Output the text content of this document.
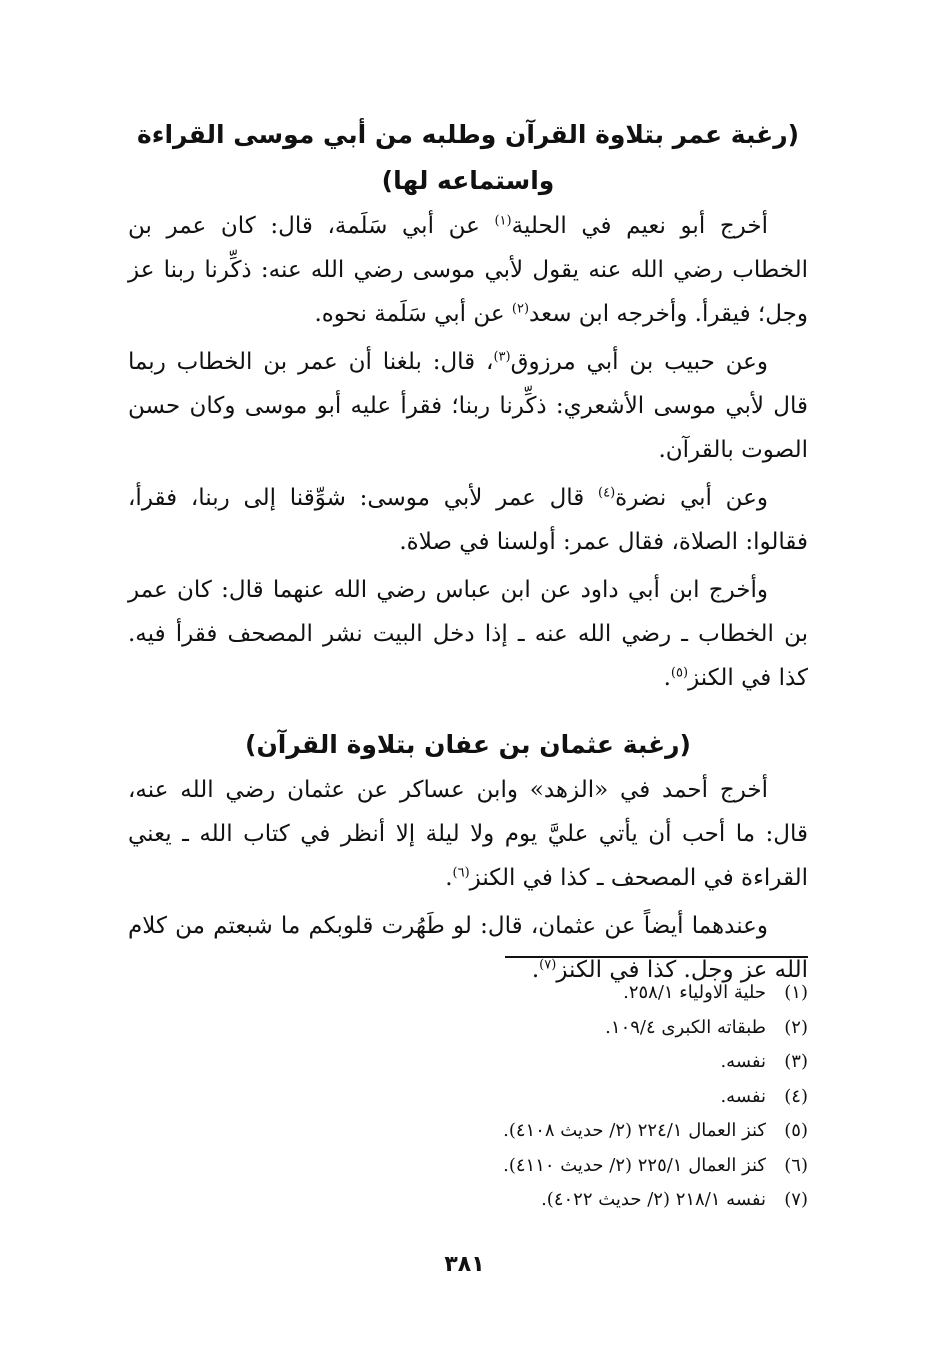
(رغبة عمر بتلاوة القرآن وطلبه من أبي موسى القراءة واستماعه لها)

أخرج أبو نعيم في الحلية$^{(١)}$ عن أبي سَلَمة، قال: كان عمر بن الخطاب رضي الله عنه يقول لأبي موسى رضي الله عنه: ذكِّرنا ربنا عز وجل؛ فيقرأ. وأخرجه ابن سعد$^{(٢)}$ عن أبي سَلَمة نحوه.

وعن حبيب بن أبي مرزوق$^{(٣)}$، قال: بلغنا أن عمر بن الخطاب ربما قال لأبي موسى الأشعري: ذكِّرنا ربنا؛ فقرأ عليه أبو موسى وكان حسن الصوت بالقرآن.

وعن أبي نضرة$^{(٤)}$ قال عمر لأبي موسى: شوِّقنا إلى ربنا، فقرأ، فقالوا: الصلاة، فقال عمر: أولسنا في صلاة.

وأخرج ابن أبي داود عن ابن عباس رضي الله عنهما قال: كان عمر بن الخطاب ـ رضي الله عنه ـ إذا دخل البيت نشر المصحف فقرأ فيه. كذا في الكنز$^{(٥)}$.

(رغبة عثمان بن عفان بتلاوة القرآن)

أخرج أحمد في «الزهد» وابن عساكر عن عثمان رضي الله عنه، قال: ما أحب أن يأتي عليَّ يوم ولا ليلة إلا أنظر في كتاب الله ـ يعني القراءة في المصحف ـ كذا في الكنز$^{(٦)}$.

وعندهما أيضاً عن عثمان، قال: لو طَهُرت قلوبكم ما شبعتم من كلام الله عز وجل. كذا في الكنز$^{(٧)}$.

(١)
حلية الاولياء ٢٥٨/١.
(٢)
طبقاته الكبرى ١٠٩/٤.
(٣)
نفسه.
(٤)
نفسه.
(٥)
كنز العمال ٢٢٤/١ (٢/ حديث ٤١٠٨).
(٦)
كنز العمال ٢٢٥/١ (٢/ حديث ٤١١٠).
(٧)
نفسه ٢١٨/١ (٢/ حديث ٤٠٢٢).
٣٨١
